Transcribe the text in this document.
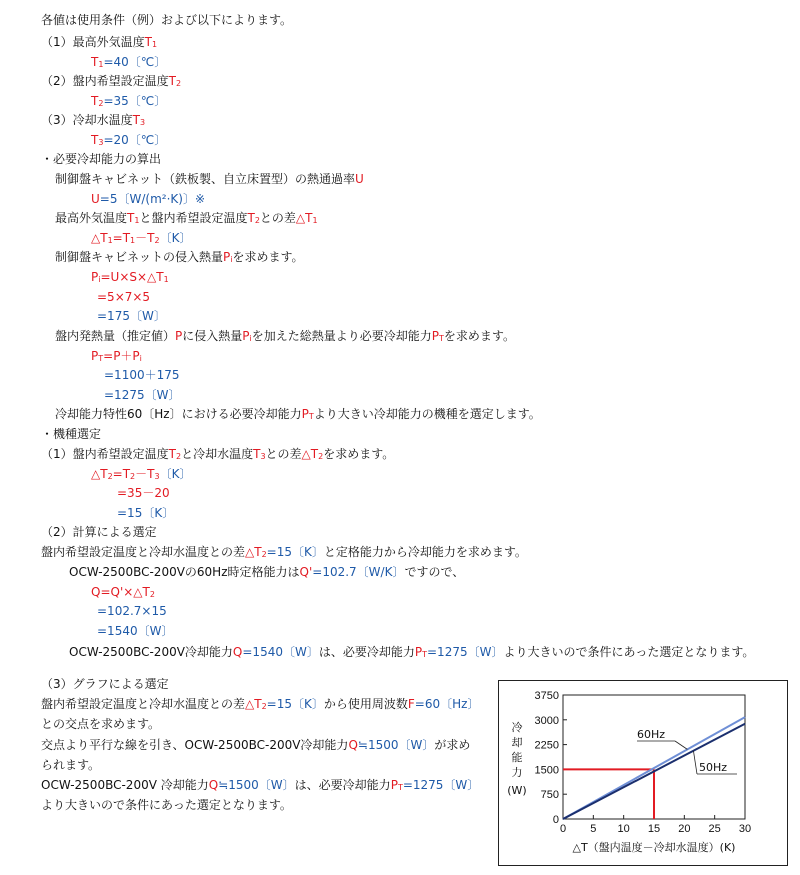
各値は使用条件（例）および以下によります。
（1）最高外気温度$T_1$
$T_1=40$〔℃〕
（2）盤内希望設定温度$T_2$
$T_2=35$〔℃〕
（3）冷却水温度$T_3$
$T_3=20$〔℃〕
・必要冷却能力の算出
制御盤キャビネット（鉄板製、自立床置型）の熱通過率U
U=5〔W/(m²·K)〕※
最高外気温度$T_1$と盤内希望設定温度$T_2$との差$\triangle T_1$
$\triangle T_1=T_1-T_2$〔K〕
制御盤キャビネットの侵入熱量$P_i$を求めます。
$P_i=U\times S\times\triangle T_1$
=5×7×5
=175〔W〕
盤内発熱量（推定値）Pに侵入熱量$P_i$を加えた総熱量より必要冷却能力$P_T$を求めます。
$P_T=P+P_i$
=1100＋175
=1275〔W〕
冷却能力特性60〔Hz〕における必要冷却能力$P_T$より大きい冷却能力の機種を選定します。
・機種選定
（1）盤内希望設定温度$T_2$と冷却水温度$T_3$との差$\triangle T_2$を求めます。
$\triangle T_2=T_2-T_3$〔K〕
=35－20
=15〔K〕
（2）計算による選定
盤内希望設定温度と冷却水温度との差$\triangle T_2=15$〔K〕と定格能力から冷却能力を求めます。
OCW-2500BC-200Vの60Hz時定格能力はQ'=102.7〔W/K〕ですので、
$Q=Q'\times\triangle T_2$
=102.7×15
=1540〔W〕
OCW-2500BC-200V冷却能力Q=1540〔W〕は、必要冷却能力$P_T=1275$〔W〕より大きいので条件にあった選定となります。
（3）グラフによる選定
盤内希望設定温度と冷却水温度との差$\triangle T_2=15$〔K〕から使用周波数F=60〔Hz〕
との交点を求めます。
交点より平行な線を引き、OCW-2500BC-200V冷却能力Q≒1500〔W〕が求め
られます。
OCW-2500BC-200V 冷却能力Q≒1500〔W〕は、必要冷却能力$P_T=1275$〔W〕
より大きいので条件にあった選定となります。
0 5 10 15 20 25 30
0
750
1500
2250
3000
3750
60Hz
50Hz
冷
却
能
力
(W)
△T（盤内温度－冷却水温度）(K)
